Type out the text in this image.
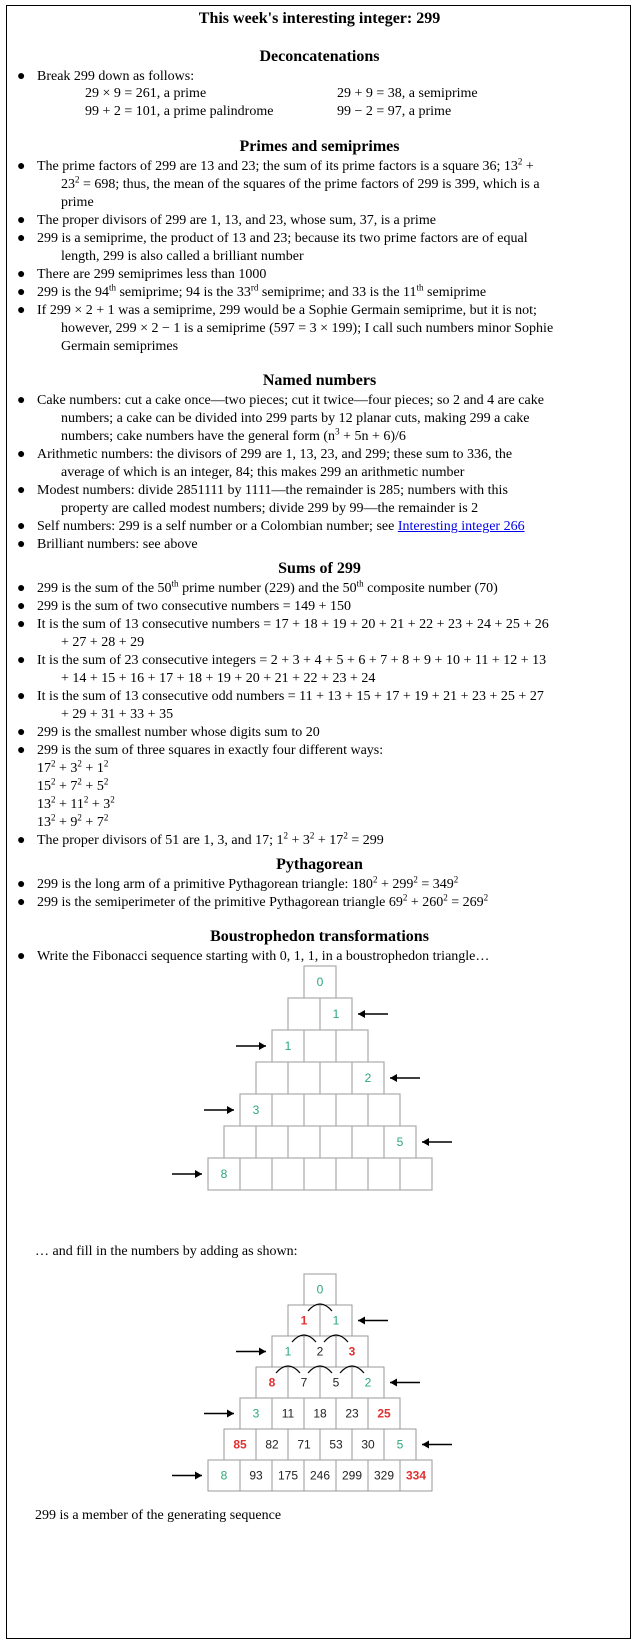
This week's interesting integer: 299
Deconcatenations
● Break 299 down as follows:
29 × 9 = 261, a prime	29 + 9 = 38, a semiprime
99 + 2 = 101, a prime palindrome	99 − 2 = 97, a prime
Primes and semiprimes
● The prime factors of 299 are 13 and 23; the sum of its prime factors is a square 36; $13^2$ +
$23^2 = 698$; thus, the mean of the squares of the prime factors of 299 is 399, which is a
prime
● The proper divisors of 299 are 1, 13, and 23, whose sum, 37, is a prime
● 299 is a semiprime, the product of 13 and 23; because its two prime factors are of equal
length, 299 is also called a brilliant number
● There are 299 semiprimes less than 1000
● 299 is the 94th semiprime; 94 is the 33rd semiprime; and 33 is the 11th semiprime
● If 299 × 2 + 1 was a semiprime, 299 would be a Sophie Germain semiprime, but it is not;
however, 299 × 2 − 1 is a semiprime (597 = 3 × 199); I call such numbers minor Sophie
Germain semiprimes
Named numbers
● Cake numbers: cut a cake once—two pieces; cut it twice—four pieces; so 2 and 4 are cake
numbers; a cake can be divided into 299 parts by 12 planar cuts, making 299 a cake
numbers; cake numbers have the general form $(n^3 + 5n + 6)/6$
● Arithmetic numbers: the divisors of 299 are 1, 13, 23, and 299; these sum to 336, the
average of which is an integer, 84; this makes 299 an arithmetic number
● Modest numbers: divide 2851111 by 1111—the remainder is 285; numbers with this
property are called modest numbers; divide 299 by 99—the remainder is 2
● Self numbers: 299 is a self number or a Colombian number; see Interesting integer 266
● Brilliant numbers: see above
Sums of 299
● 299 is the sum of the 50th prime number (229) and the 50th composite number (70)
● 299 is the sum of two consecutive numbers = 149 + 150
● It is the sum of 13 consecutive numbers = 17 + 18 + 19 + 20 + 21 + 22 + 23 + 24 + 25 + 26
+ 27 + 28 + 29
● It is the sum of 23 consecutive integers = 2 + 3 + 4 + 5 + 6 + 7 + 8 + 9 + 10 + 11 + 12 + 13
+ 14 + 15 + 16 + 17 + 18 + 19 + 20 + 21 + 22 + 23 + 24
● It is the sum of 13 consecutive odd numbers = 11 + 13 + 15 + 17 + 19 + 21 + 23 + 25 + 27
+ 29 + 31 + 33 + 35
● 299 is the smallest number whose digits sum to 20
● 299 is the sum of three squares in exactly four different ways:
$17^2 + 3^2 + 1^2$
$15^2 + 7^2 + 5^2$
$13^2 + 11^2 + 3^2$
$13^2 + 9^2 + 7^2$
● The proper divisors of 51 are 1, 3, and 17; $1^2 + 3^2 + 17^2 = 299$
Pythagorean
● 299 is the long arm of a primitive Pythagorean triangle: $180^2 + 299^2 = 349^2$
● 299 is the semiperimeter of the primitive Pythagorean triangle $69^2 + 260^2 = 269^2$
Boustrophedon transformations
● Write the Fibonacci sequence starting with 0, 1, 1, in a boustrophedon triangle…
0
1
1
2
3
5
8
… and fill in the numbers by adding as shown:
0
1 1
1 2 3
8 7 5 2
3 11 18 23 25
85 82 71 53 30 5
8 93 175 246 299 329 334
299 is a member of the generating sequence
